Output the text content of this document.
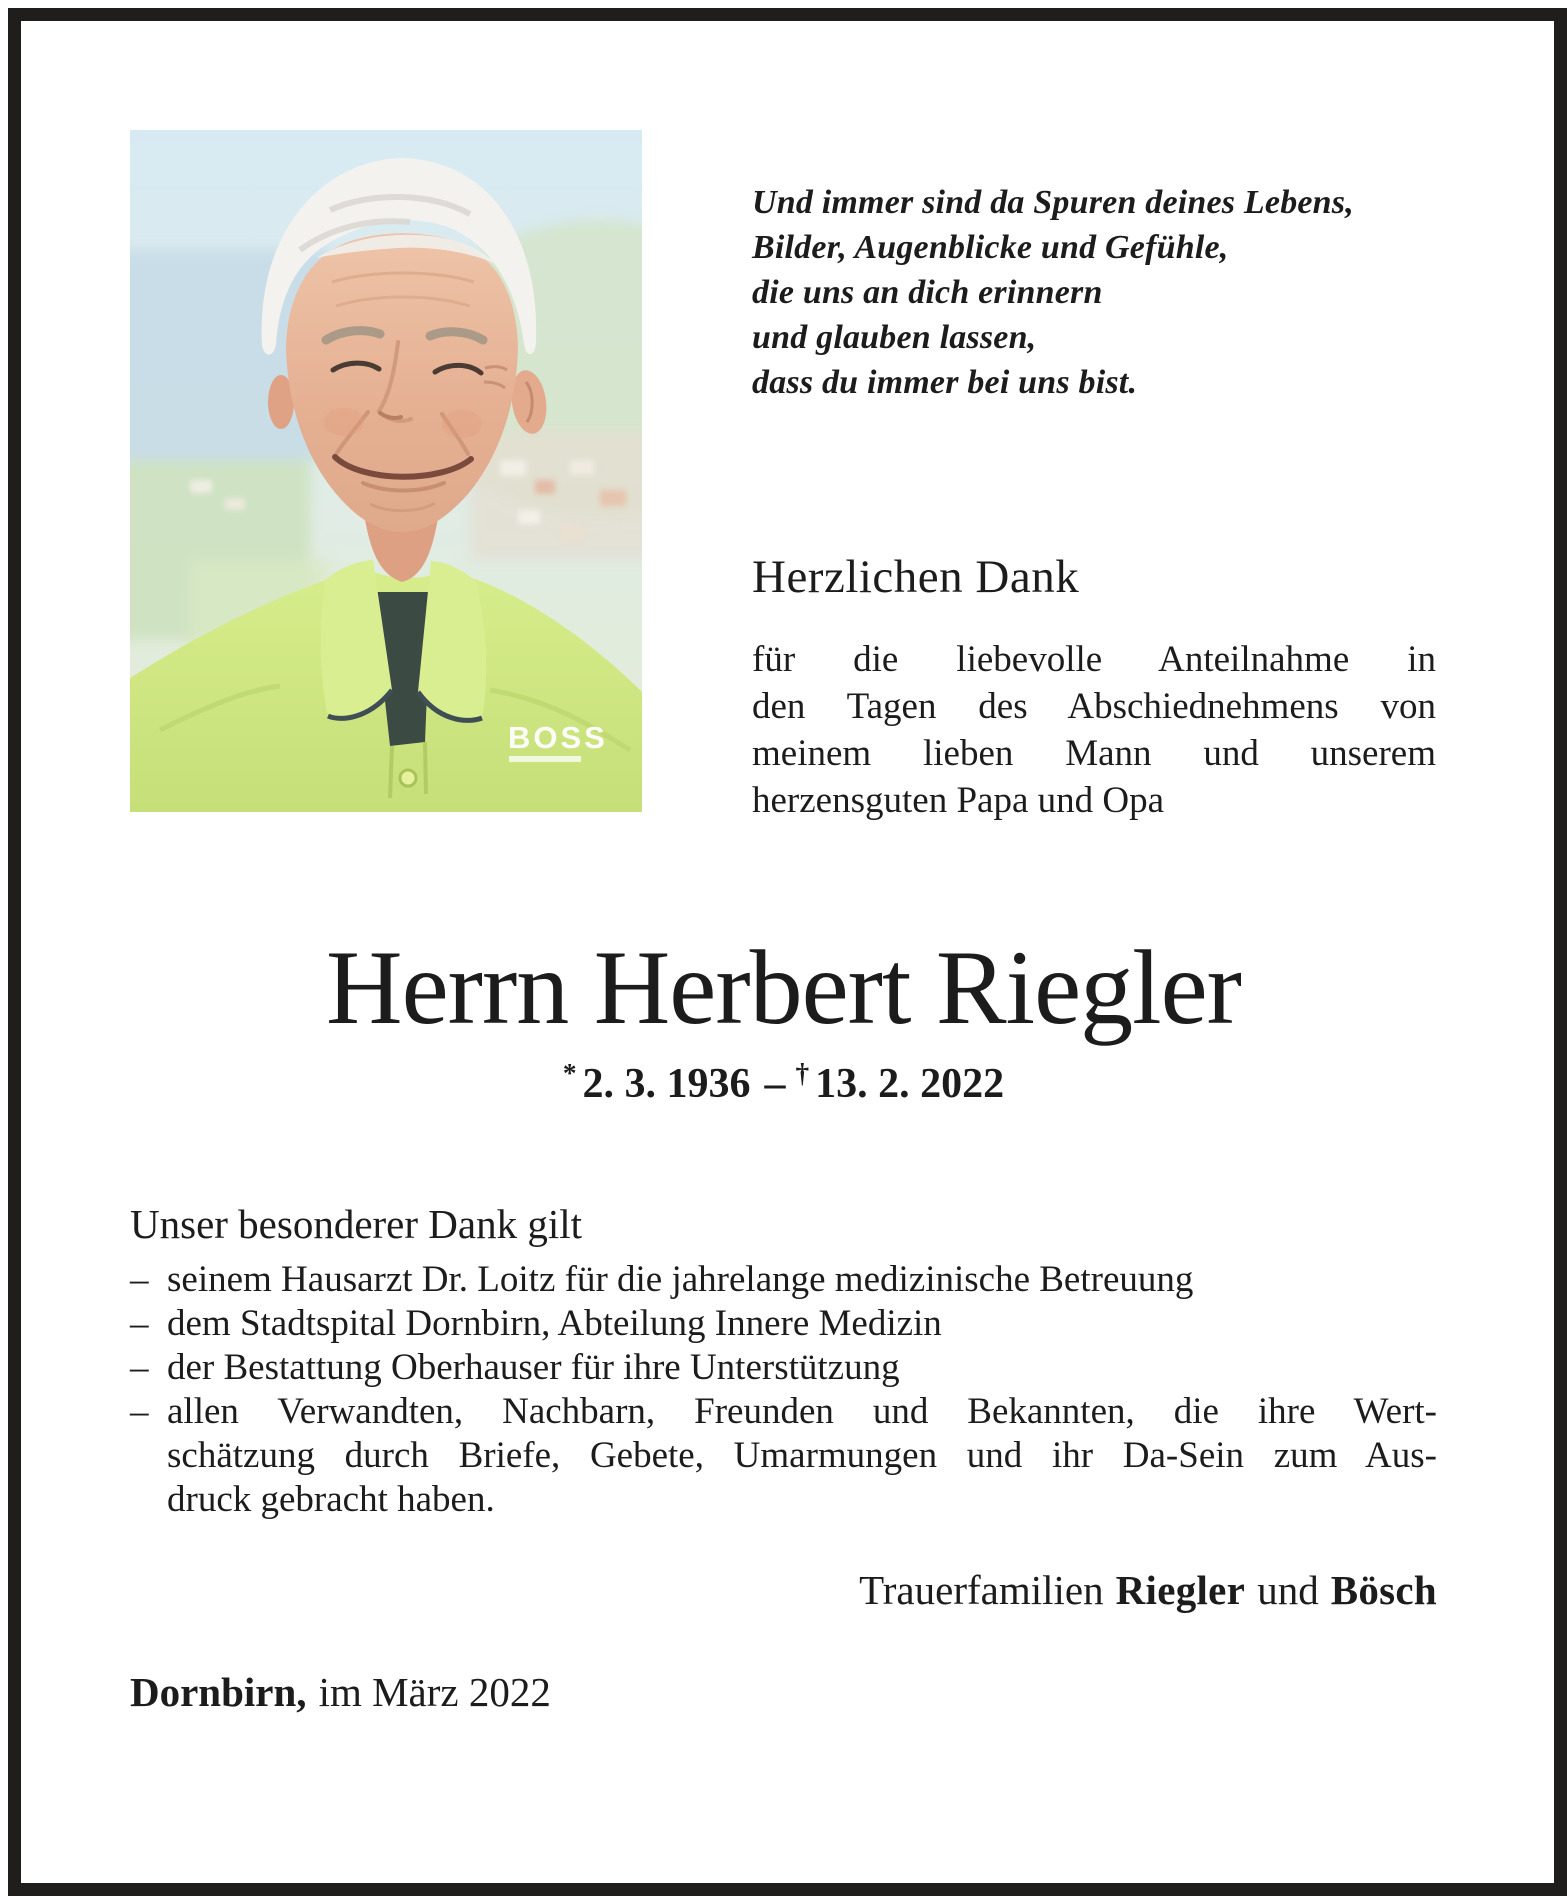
BOSS
Und immer sind da Spuren deines Lebens,
Bilder, Augenblicke und Gefühle,
die uns an dich erinnern
und glauben lassen,
dass du immer bei uns bist.
Herzlichen Dank
für die liebevolle Anteilnahme in
den Tagen des Abschiednehmens von
meinem lieben Mann und unserem
herzensguten Papa und Opa
Herrn Herbert Riegler
* 2. 3. 1936 – † 13. 2. 2022
Unser besonderer Dank gilt
– seinem Hausarzt Dr. Loitz für die jahrelange medizinische Betreuung
– dem Stadtspital Dornbirn, Abteilung Innere Medizin
– der Bestattung Oberhauser für ihre Unterstützung
– allen Verwandten, Nachbarn, Freunden und Bekannten, die ihre Wert-
schätzung durch Briefe, Gebete, Umarmungen und ihr Da-Sein zum Aus-
druck gebracht haben.
Trauerfamilien Riegler und Bösch
Dornbirn, im März 2022
